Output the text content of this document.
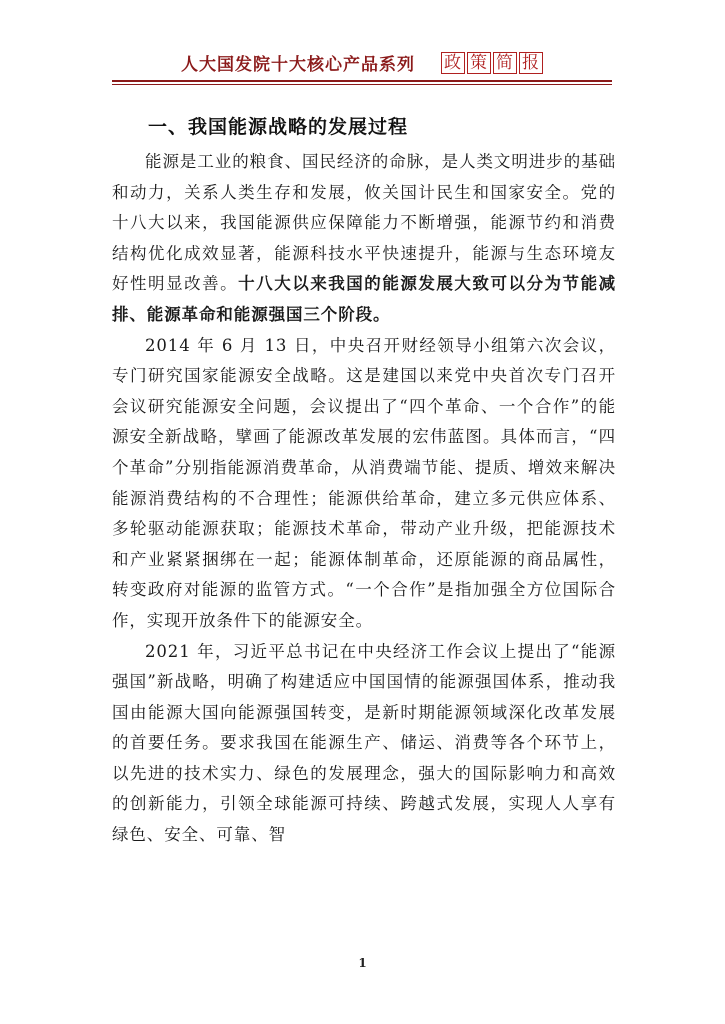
人大国发院十大核心产品系列 政 策 简 报
一、我国能源战略的发展过程

能源是工业的粮食、国民经济的命脉，是人类文明进步的基础和动力，关系人类生存和发展，攸关国计民生和国家安全。党的十八大以来，我国能源供应保障能力不断增强，能源节约和消费结构优化成效显著，能源科技水平快速提升，能源与生态环境友好性明显改善。十八大以来我国的能源发展大致可以分为节能减排、能源革命和能源强国三个阶段。

2014 年 6 月 13 日，中央召开财经领导小组第六次会议，专门研究国家能源安全战略。这是建国以来党中央首次专门召开会议研究能源安全问题，会议提出了“四个革命、一个合作”的能源安全新战略，擘画了能源改革发展的宏伟蓝图。具体而言，“四个革命”分别指能源消费革命，从消费端节能、提质、增效来解决能源消费结构的不合理性；能源供给革命，建立多元供应体系、多轮驱动能源获取；能源技术革命，带动产业升级，把能源技术和产业紧紧捆绑在一起；能源体制革命，还原能源的商品属性，转变政府对能源的监管方式。“一个合作”是指加强全方位国际合作，实现开放条件下的能源安全。

2021 年，习近平总书记在中央经济工作会议上提出了“能源强国”新战略，明确了构建适应中国国情的能源强国体系，推动我国由能源大国向能源强国转变，是新时期能源领域深化改革发展的首要任务。要求我国在能源生产、储运、消费等各个环节上，以先进的技术实力、绿色的发展理念，强大的国际影响力和高效的创新能力，引领全球能源可持续、跨越式发展，实现人人享有绿色、安全、可靠、智

1
